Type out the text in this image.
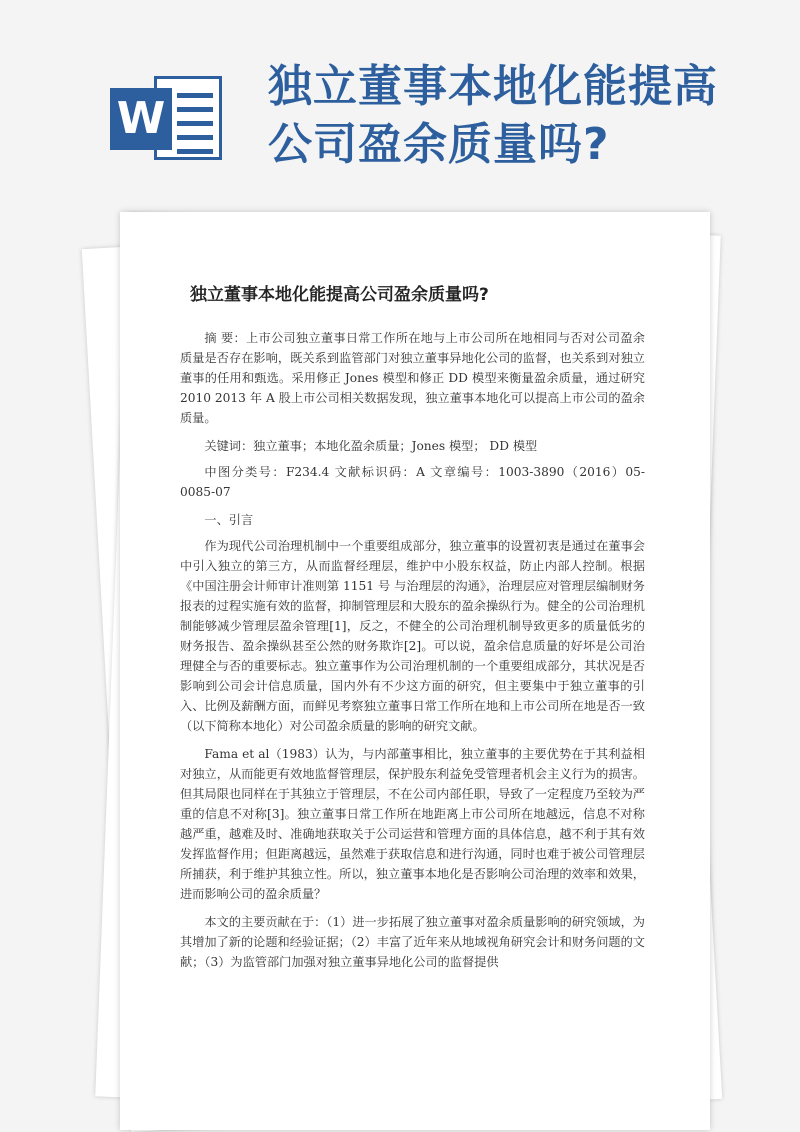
W
独立董事本地化能提高公司盈余质量吗?
独立董事本地化能提高公司盈余质量吗?

摘 要：上市公司独立董事日常工作所在地与上市公司所在地相同与否对公司盈余质量是否存在影响，既关系到监管部门对独立董事异地化公司的监督，也关系到对独立董事的任用和甄选。采用修正 Jones 模型和修正 DD 模型来衡量盈余质量，通过研究 2010 2013 年 A 股上市公司相关数据发现，独立董事本地化可以提高上市公司的盈余质量。

关键词：独立董事；本地化盈余质量；Jones 模型； DD 模型

中图分类号：F234.4 文献标识码：A 文章编号：1003-3890（2016）05-0085-07

一、引言

作为现代公司治理机制中一个重要组成部分，独立董事的设置初衷是通过在董事会中引入独立的第三方，从而监督经理层，维护中小股东权益，防止内部人控制。根据《中国注册会计师审计准则第 1151 号 与治理层的沟通》，治理层应对管理层编制财务报表的过程实施有效的监督，抑制管理层和大股东的盈余操纵行为。健全的公司治理机制能够减少管理层盈余管理[1]，反之，不健全的公司治理机制导致更多的质量低劣的财务报告、盈余操纵甚至公然的财务欺诈[2]。可以说，盈余信息质量的好坏是公司治理健全与否的重要标志。独立董事作为公司治理机制的一个重要组成部分，其状况是否影响到公司会计信息质量，国内外有不少这方面的研究，但主要集中于独立董事的引入、比例及薪酬方面，而鲜见考察独立董事日常工作所在地和上市公司所在地是否一致（以下简称本地化）对公司盈余质量的影响的研究文献。

Fama et al（1983）认为，与内部董事相比，独立董事的主要优势在于其利益相对独立，从而能更有效地监督管理层，保护股东利益免受管理者机会主义行为的损害。但其局限也同样在于其独立于管理层，不在公司内部任职，导致了一定程度乃至较为严重的信息不对称[3]。独立董事日常工作所在地距离上市公司所在地越远，信息不对称越严重，越难及时、准确地获取关于公司运营和管理方面的具体信息，越不利于其有效发挥监督作用；但距离越远，虽然难于获取信息和进行沟通，同时也难于被公司管理层所捕获，利于维护其独立性。所以，独立董事本地化是否影响公司治理的效率和效果，进而影响公司的盈余质量？

本文的主要贡献在于：（1）进一步拓展了独立董事对盈余质量影响的研究领域，为其增加了新的论题和经验证据；（2）丰富了近年来从地域视角研究会计和财务问题的文献；（3）为监管部门加强对独立董事异地化公司的监督提供
